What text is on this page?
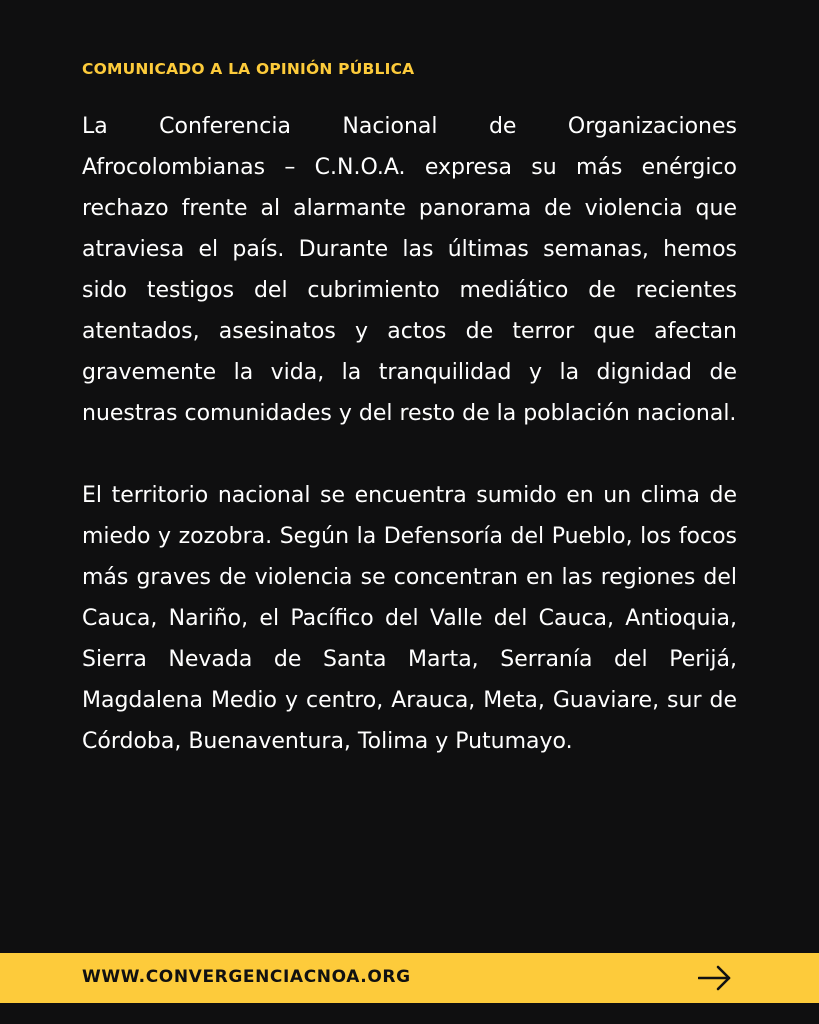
COMUNICADO A LA OPINIÓN PÚBLICA

La Conferencia Nacional de Organizaciones Afrocolombianas – C.N.O.A. expresa su más enérgico rechazo frente al alarmante panorama de violencia que atraviesa el país. Durante las últimas semanas, hemos sido testigos del cubrimiento mediático de recientes atentados, asesinatos y actos de terror que afectan gravemente la vida, la tranquilidad y la dignidad de nuestras comunidades y del resto de la población nacional.

El territorio nacional se encuentra sumido en un clima de miedo y zozobra. Según la Defensoría del Pueblo, los focos más graves de violencia se concentran en las regiones del Cauca, Nariño, el Pacífico del Valle del Cauca, Antioquia, Sierra Nevada de Santa Marta, Serranía del Perijá, Magdalena Medio y centro, Arauca, Meta, Guaviare, sur de Córdoba, Buenaventura, Tolima y Putumayo.

WWW.CONVERGENCIACNOA.ORG
